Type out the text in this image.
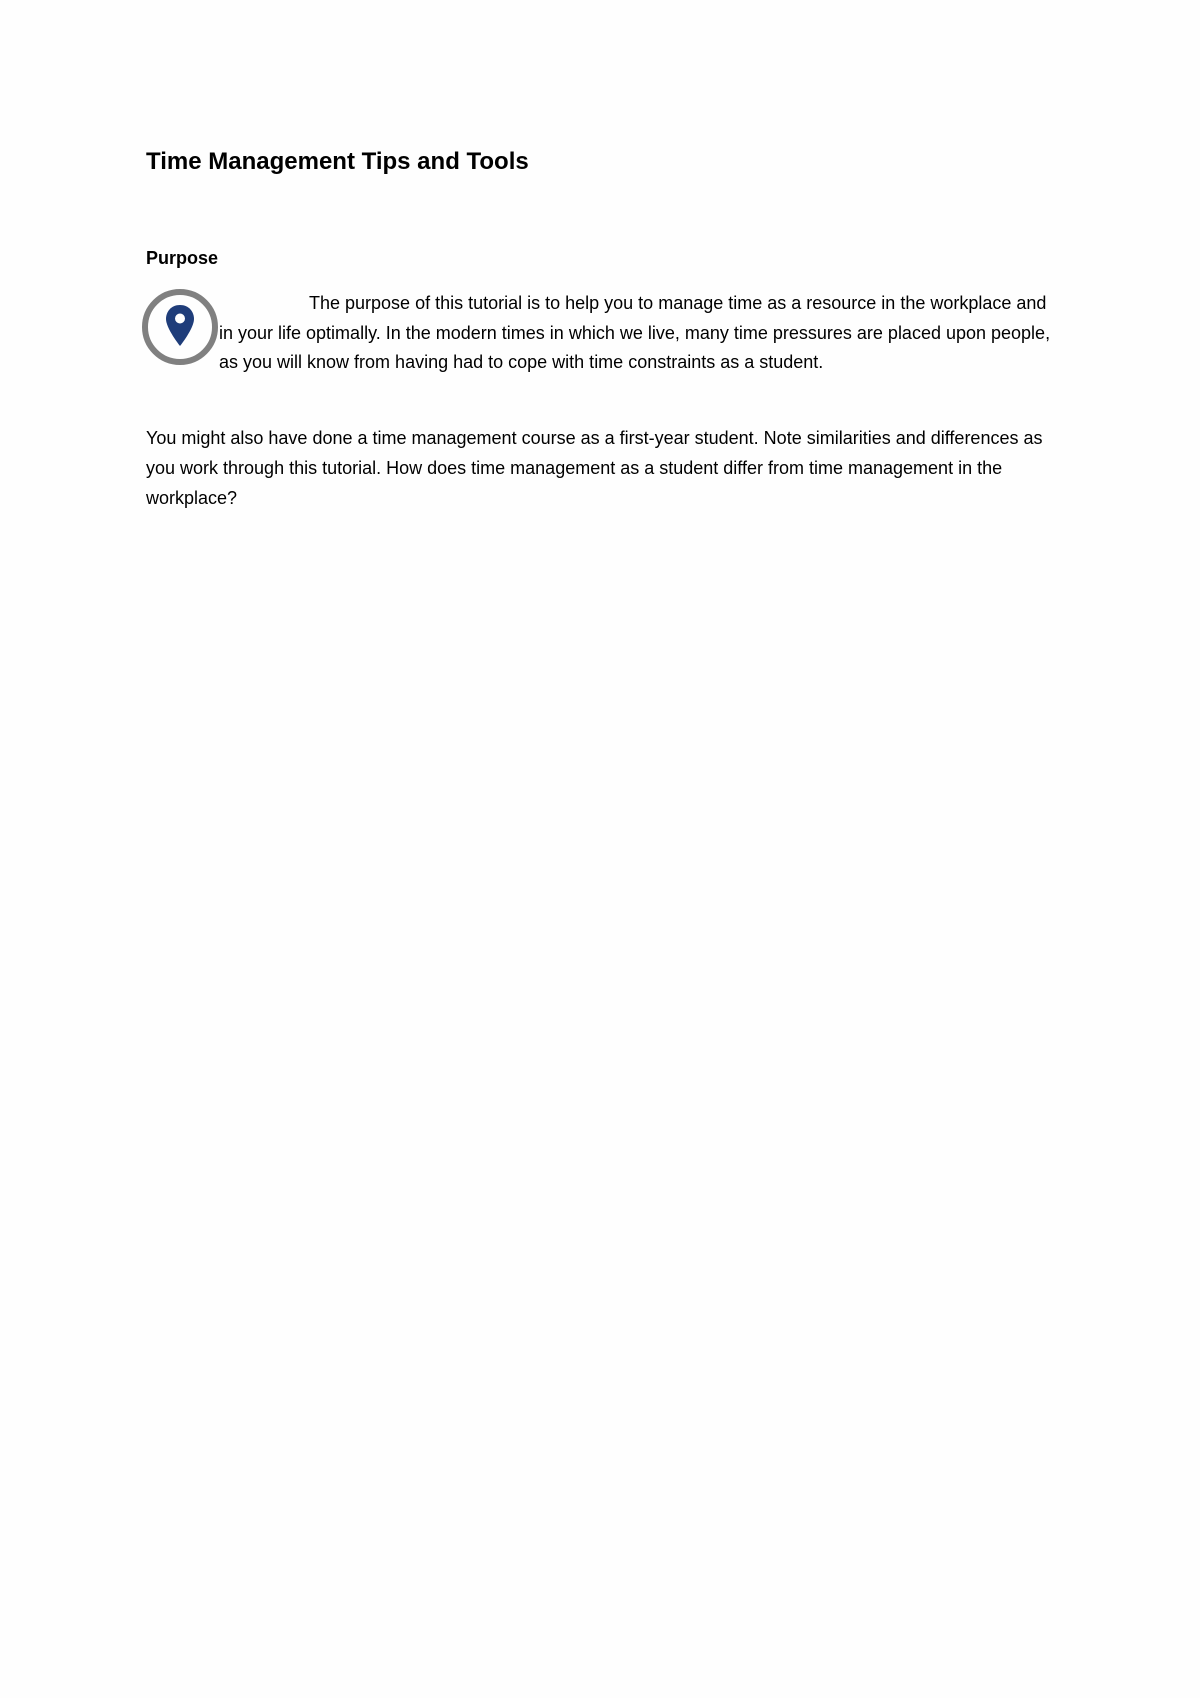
Time Management Tips and Tools
Purpose

The purpose of this tutorial is to help you to manage time as a resource in the workplace and in your life optimally. In the modern times in which we live, many time pressures are placed upon people, as you will know from having had to cope with time constraints as a student.

You might also have done a time management course as a first-year student. Note similarities and differences as you work through this tutorial. How does time management as a student differ from time management in the workplace?
